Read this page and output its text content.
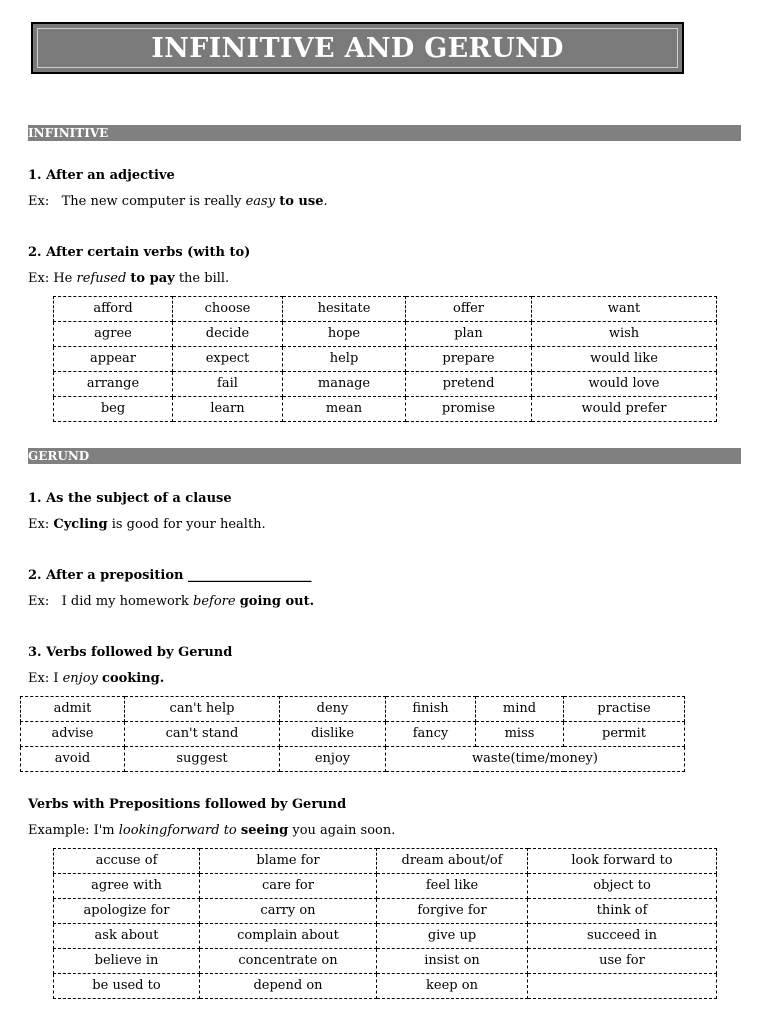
INFINITIVE AND GERUND
INFINITIVE
1. After an adjective
Ex:   The new computer is really easy to use.
2. After certain verbs (with to)
Ex: He refused to pay the bill.
afford	choose	hesitate	offer	want
agree	decide	hope	plan	wish
appear	expect	help	prepare	would like
arrange	fail	manage	pretend	would love
beg	learn	mean	promise	would prefer
GERUND
1. As the subject of a clause
Ex: Cycling is good for your health.
2. After a preposition ___________________
Ex:   I did my homework before going out.
3. Verbs followed by Gerund
Ex: I enjoy cooking.
admit	can't help	deny	finish	mind	practise
advise	can't stand	dislike	fancy	miss	permit
avoid	suggest	enjoy	waste(time/money)		
Verbs with Prepositions followed by Gerund
Example: I'm lookingforward to seeing you again soon.
accuse of	blame for	dream about/of	look forward to
agree with	care for	feel like	object to
apologize for	carry on	forgive for	think of
ask about	complain about	give up	succeed in
believe in	concentrate on	insist on	use for
be used to	depend on	keep on	
